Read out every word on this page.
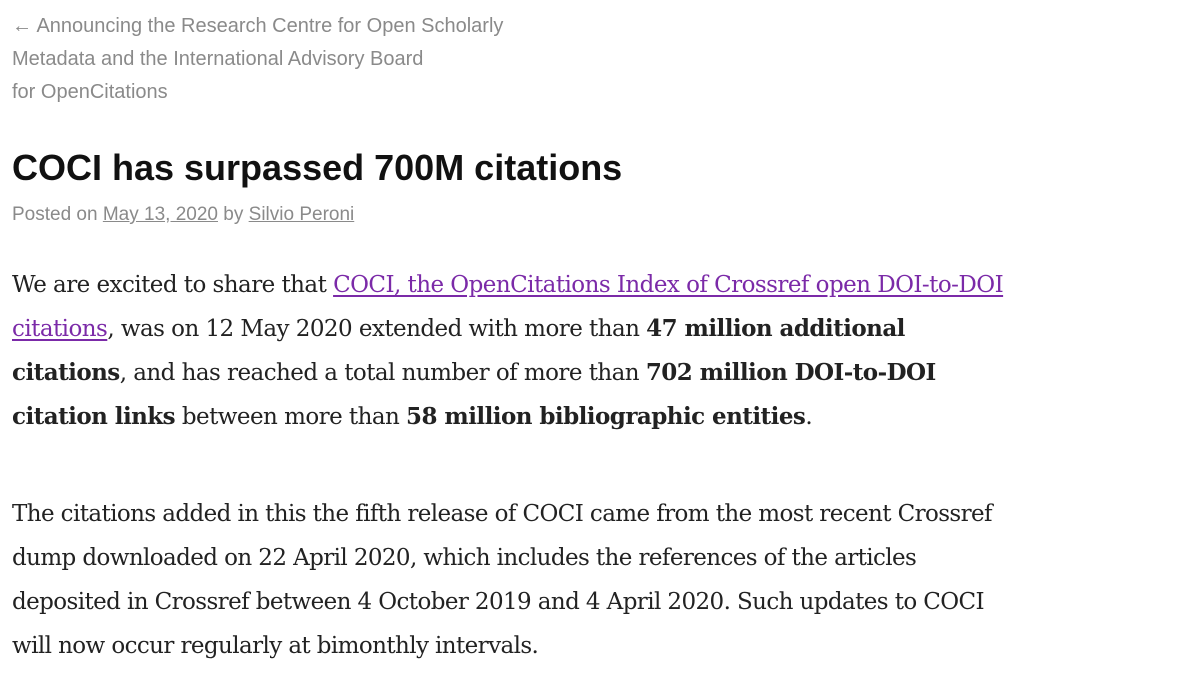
← Announcing the Research Centre for Open Scholarly
Metadata and the International Advisory Board
for OpenCitations
COCI has surpassed 700M citations
Posted on May 13, 2020 by Silvio Peroni
We are excited to share that COCI, the OpenCitations Index of Crossref open DOI-to-DOI
citations, was on 12 May 2020 extended with more than 47 million additional
citations, and has reached a total number of more than 702 million DOI-to-DOI
citation links between more than 58 million bibliographic entities.
The citations added in this the fifth release of COCI came from the most recent Crossref
dump downloaded on 22 April 2020, which includes the references of the articles
deposited in Crossref between 4 October 2019 and 4 April 2020. Such updates to COCI
will now occur regularly at bimonthly intervals.
